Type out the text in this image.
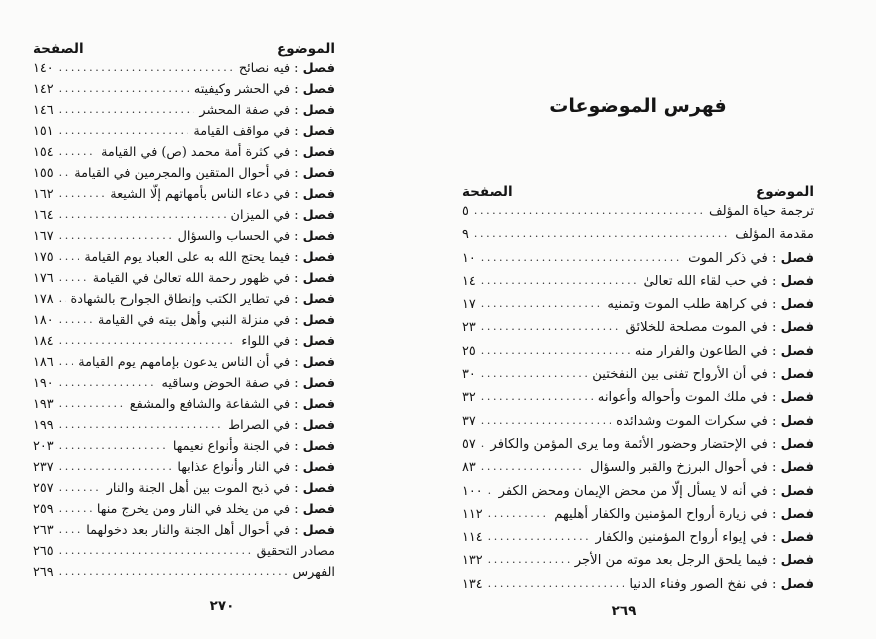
الموضوع
الصفحة
فصل : فيه نصائح
.....
١٤٠
فصل : في الحشر وكيفيته
.....
١٤٢
فصل : في صفة المحشر
.....
١٤٦
فصل : في مواقف القيامة
.....
١٥١
فصل : في كثرة أمة محمد (ص) في القيامة
.....
١٥٤
فصل : في أحوال المتقين والمجرمين في القيامة
.....
١٥٥
فصل : في دعاء الناس بأمهاتهم إلّا الشيعة
.....
١٦٢
فصل : في الميزان
.....
١٦٤
فصل : في الحساب والسؤال
.....
١٦٧
فصل : فيما يحتج الله به على العباد يوم القيامة
.....
١٧٥
فصل : في ظهور رحمة الله تعالىٰ في القيامة
.....
١٧٦
فصل : في تطاير الكتب وإنطاق الجوارح بالشهادة
.....
١٧٨
فصل : في منزلة النبي وأهل بيته في القيامة
.....
١٨٠
فصل : في اللواء
.....
١٨٤
فصل : في أن الناس يدعون بإمامهم يوم القيامة
.....
١٨٦
فصل : في صفة الحوض وساقيه
.....
١٩٠
فصل : في الشفاعة والشافع والمشفع
.....
١٩٣
فصل : في الصراط
.....
١٩٩
فصل : في الجنة وأنواع نعيمها
.....
٢٠٣
فصل : في النار وأنواع عذابها
.....
٢٣٧
فصل : في ذبح الموت بين أهل الجنة والنار
.....
٢٥٧
فصل : في من يخلد في النار ومن يخرج منها
.....
٢٥٩
فصل : في أحوال أهل الجنة والنار بعد دخولهما
.....
٢٦٣
مصادر التحقيق
.....
٢٦٥
الفهرس
.....
٢٦٩
٢٧٠
فهرس الموضوعات
الموضوع
الصفحة
ترجمة حياة المؤلف
.....
٥
مقدمة المؤلف
.....
٩
فصل : في ذكر الموت
.....
١٠
فصل : في حب لقاء الله تعالىٰ
.....
١٤
فصل : في كراهة طلب الموت وتمنيه
.....
١٧
فصل : في الموت مصلحة للخلائق
.....
٢٣
فصل : في الطاعون والفرار منه
.....
٢٥
فصل : في أن الأرواح تفنى بين النفختين
.....
٣٠
فصل : في ملك الموت وأحواله وأعوانه
.....
٣٢
فصل : في سكرات الموت وشدائده
.....
٣٧
فصل : في الإحتضار وحضور الأئمة وما يرى المؤمن والكافر
.....
٥٧
فصل : في أحوال البرزخ والقبر والسؤال
.....
٨٣
فصل : في أنه لا يسأل إلّا من محض الإيمان ومحض الكفر
.....
١٠٠
فصل : في زيارة أرواح المؤمنين والكفار أهليهم
.....
١١٢
فصل : في إيواء أرواح المؤمنين والكفار
.....
١١٤
فصل : فيما يلحق الرجل بعد موته من الأجر
.....
١٣٢
فصل : في نفخ الصور وفناء الدنيا
.....
١٣٤
٢٦٩
